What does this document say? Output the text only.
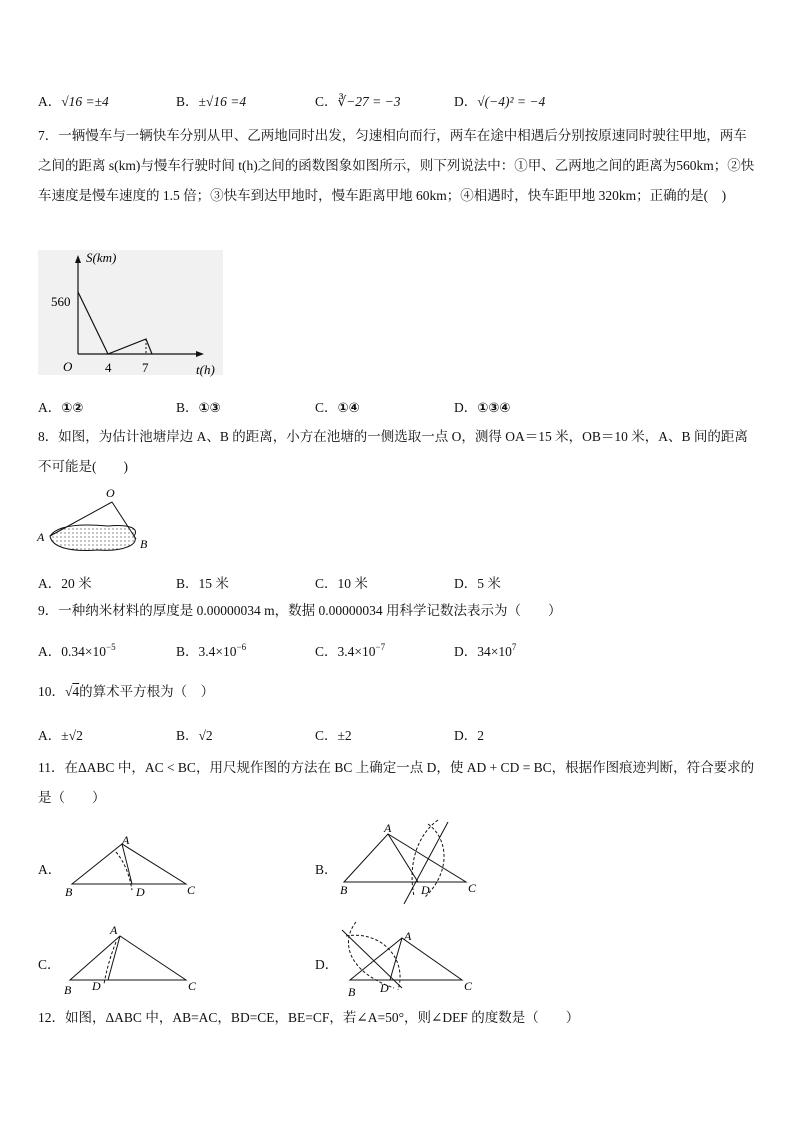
A．√16 =±4	B．±√16 =4	C．∛−27 = −3	D．√(−4)² = −4
7．一辆慢车与一辆快车分别从甲、乙两地同时出发，匀速相向而行，两车在途中相遇后分别按原速同时驶往甲地，两车之间的距离 s(km)与慢车行驶时间 t(h)之间的函数图象如图所示，则下列说法中：①甲、乙两地之间的距离为560km；②快车速度是慢车速度的 1.5 倍；③快车到达甲地时，慢车距离甲地 60km；④相遇时，快车距甲地 320km；正确的是(　)
S(km)
560
O	4 7	t(h)
A．①②	B．①③	C．①④	D．①③④
8．如图，为估计池塘岸边 A、B 的距离，小方在池塘的一侧选取一点 O，测得 OA＝15 米，OB＝10 米，A、B 间的距离不可能是(　　)
O
A	B
A．20 米	B．15 米	C．10 米	D．5 米
9．一种纳米材料的厚度是 0.00000034 m，数据 0.00000034 用科学记数法表示为（　　）
A．$0.34\times 10^{-5}$	B．$3.4\times 10^{-6}$	C．$3.4\times 10^{-7}$	D．$34\times 10^7$
10．√4的算术平方根为（　）
A．±√2	B．√2	C．±2	D．2
11．在ΔABC 中，AC < BC，用尺规作图的方法在 BC 上确定一点 D，使 AD + CD = BC，根据作图痕迹判断，符合要求的是（　　）
A．
A
B	D	C
B．
A
B	D	C
C．
A
B D	C
D．
A
B D	C
12．如图，ΔABC 中，AB=AC，BD=CE，BE=CF，若∠A=50°，则∠DEF 的度数是（　　）
